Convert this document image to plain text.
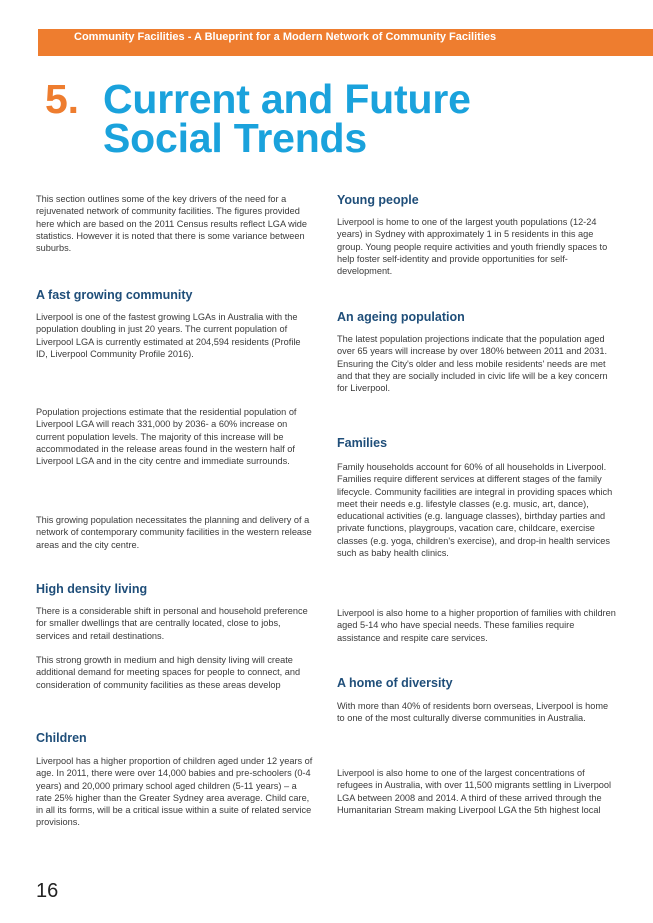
Community Facilities - A Blueprint for a Modern Network of Community Facilities
5. Current and Future
Social Trends

This section outlines some of the key drivers of the need for a rejuvenated network of community facilities. The figures provided here which are based on the 2011 Census results reflect LGA wide statistics. However it is noted that there is some variance between suburbs.

A fast growing community

Liverpool is one of the fastest growing LGAs in Australia with the population doubling in just 20 years. The current population of Liverpool LGA is currently estimated at 204,594 residents (Profile ID, Liverpool Community Profile 2016).

Population projections estimate that the residential population of Liverpool LGA will reach 331,000 by 2036- a 60% increase on current population levels. The majority of this increase will be accommodated in the release areas found in the western half of Liverpool LGA and in the city centre and immediate surrounds.

This growing population necessitates the planning and delivery of a network of contemporary community facilities in the western release areas and the city centre.

High density living

There is a considerable shift in personal and household preference for smaller dwellings that are centrally located, close to jobs, services and retail destinations.

This strong growth in medium and high density living will create additional demand for meeting spaces for people to connect, and consideration of community facilities as these areas develop

Children

Liverpool has a higher proportion of children aged under 12 years of age. In 2011, there were over 14,000 babies and pre-schoolers (0-4 years) and 20,000 primary school aged children (5-11 years) – a rate 25% higher than the Greater Sydney area average. Child care, in all its forms, will be a critical issue within a suite of related service provisions.

Young people

Liverpool is home to one of the largest youth populations (12-24 years) in Sydney with approximately 1 in 5 residents in this age group. Young people require activities and youth friendly spaces to help foster self-identity and provide opportunities for self-development.

An ageing population

The latest population projections indicate that the population aged over 65 years will increase by over 180% between 2011 and 2031. Ensuring the City's older and less mobile residents' needs are met and that they are socially included in civic life will be a key concern for Liverpool.

Families

Family households account for 60% of all households in Liverpool. Families require different services at different stages of the family lifecycle. Community facilities are integral in providing spaces which meet their needs e.g. lifestyle classes (e.g. music, art, dance), educational activities (e.g. language classes), birthday parties and private functions, playgroups, vacation care, childcare, exercise classes (e.g. yoga, children's exercise), and drop-in health services such as baby health clinics.

Liverpool is also home to a higher proportion of families with children aged 5-14 who have special needs. These families require assistance and respite care services.

A home of diversity

With more than 40% of residents born overseas, Liverpool is home to one of the most culturally diverse communities in Australia.

Liverpool is also home to one of the largest concentrations of refugees in Australia, with over 11,500 migrants settling in Liverpool LGA between 2008 and 2014. A third of these arrived through the Humanitarian Stream making Liverpool LGA the 5th highest local

16
